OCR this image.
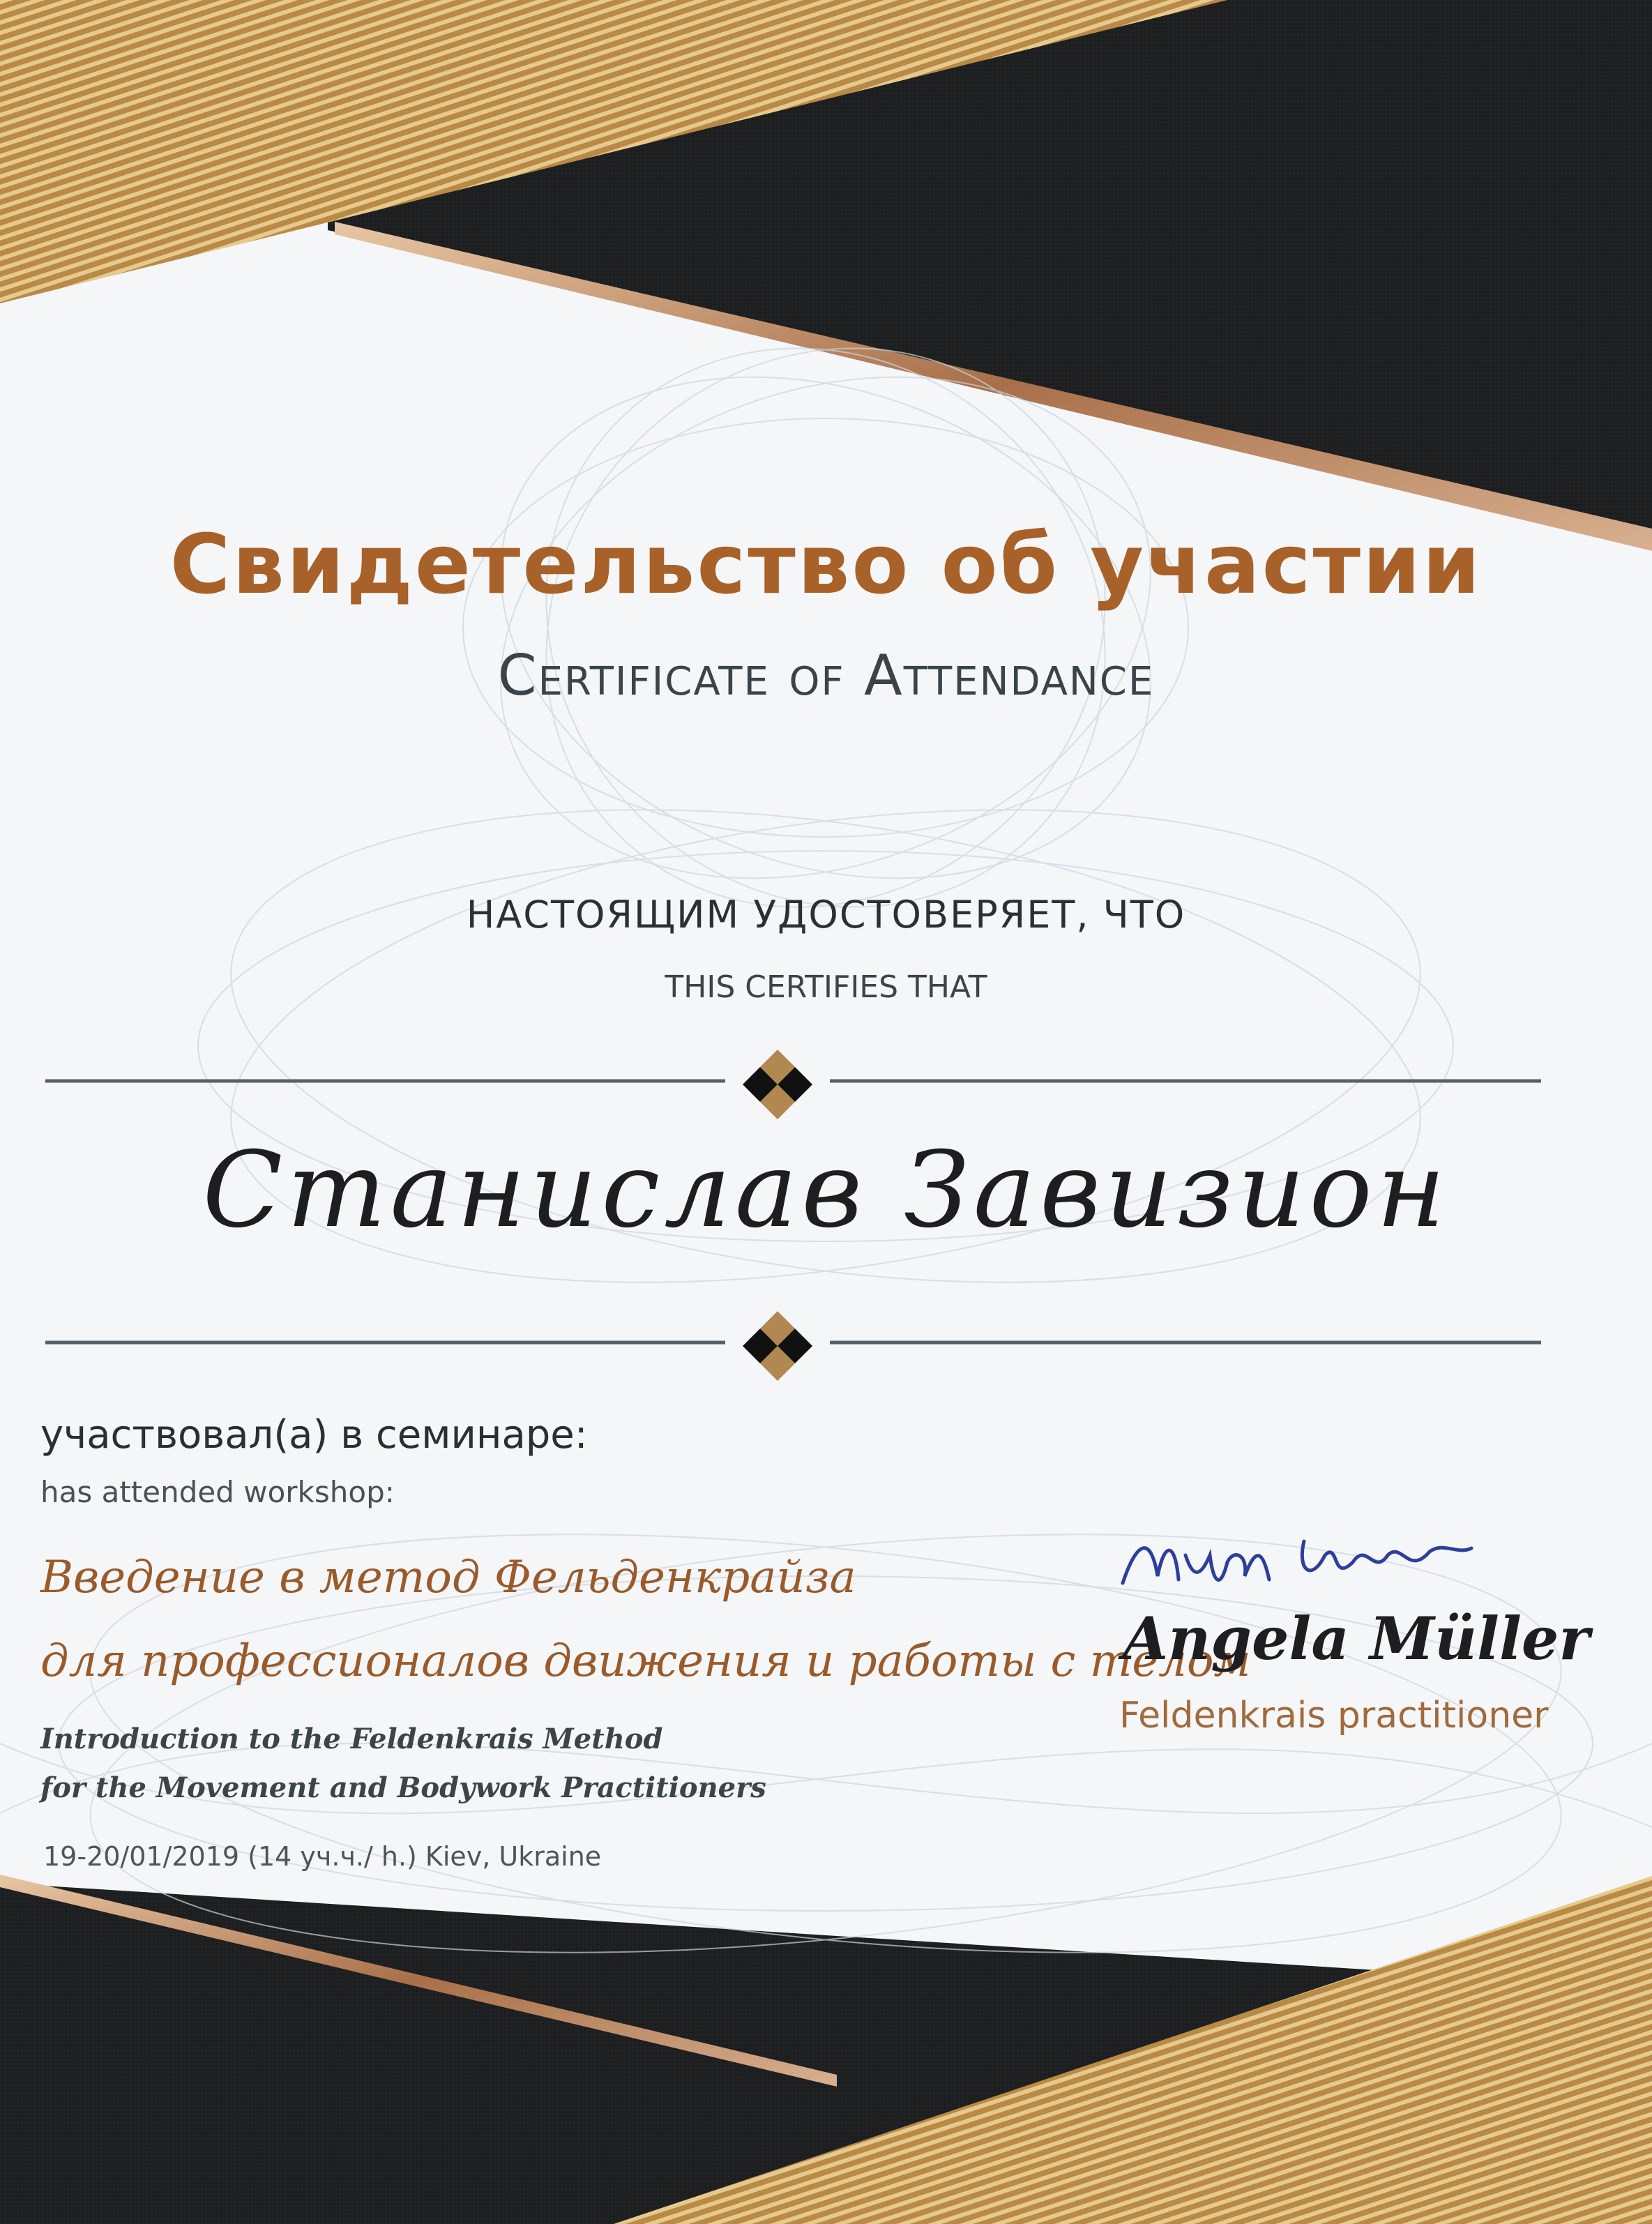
Свидетельство об участии
Certificate of Attendance
НАСТОЯЩИМ УДОСТОВЕРЯЕТ, ЧТО
THIS CERTIFIES THAT
Станислав Завизион
участвовал(а) в семинаре:
has attended workshop:
Введение в метод Фельденкрайза
для профессионалов движения и работы с телом
Introduction to the Feldenkrais Method
for the Movement and Bodywork Practitioners
19-20/01/2019 (14 уч.ч./ h.) Kiev, Ukraine
Angela Müller
Feldenkrais practitioner
